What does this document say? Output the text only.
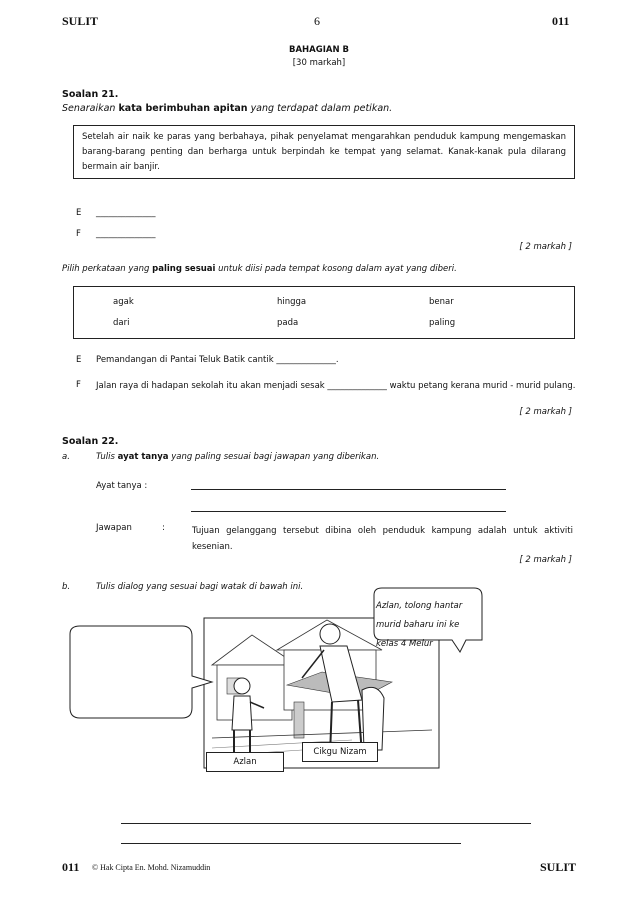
SULIT	6	011
BAHAGIAN B
[30 markah]
Soalan 21.
Senaraikan kata berimbuhan apitan yang terdapat dalam petikan.
Setelah air naik ke paras yang berbahaya, pihak penyelamat mengarahkan penduduk kampung mengemaskan barang-barang penting dan berharga untuk berpindah ke tempat yang selamat. Kanak-kanak pula dilarang bermain air banjir.
E ______________
F ______________
[ 2 markah ]
Pilih perkataan yang paling sesuai untuk diisi pada tempat kosong dalam ayat yang diberi.
agak	hingga	benar
dari	pada	paling
E Pemandangan di Pantai Teluk Batik cantik ______________.
F Jalan raya di hadapan sekolah itu akan menjadi sesak ______________ waktu petang kerana murid - murid pulang.
[ 2 markah ]
Soalan 22.
a.	Tulis ayat tanya yang paling sesuai bagi jawapan yang diberikan.
Ayat tanya :
Jawapan	:	Tujuan gelanggang tersebut dibina oleh penduduk kampung adalah untuk aktiviti kesenian.
[ 2 markah ]
b.	Tulis dialog yang sesuai bagi watak di bawah ini.
Azlan, tolong hantar murid baharu ini ke kelas 4 Melur
Azlan
Cikgu Nizam
011 © Hak Cipta En. Mohd. Nizamuddin	SULIT
